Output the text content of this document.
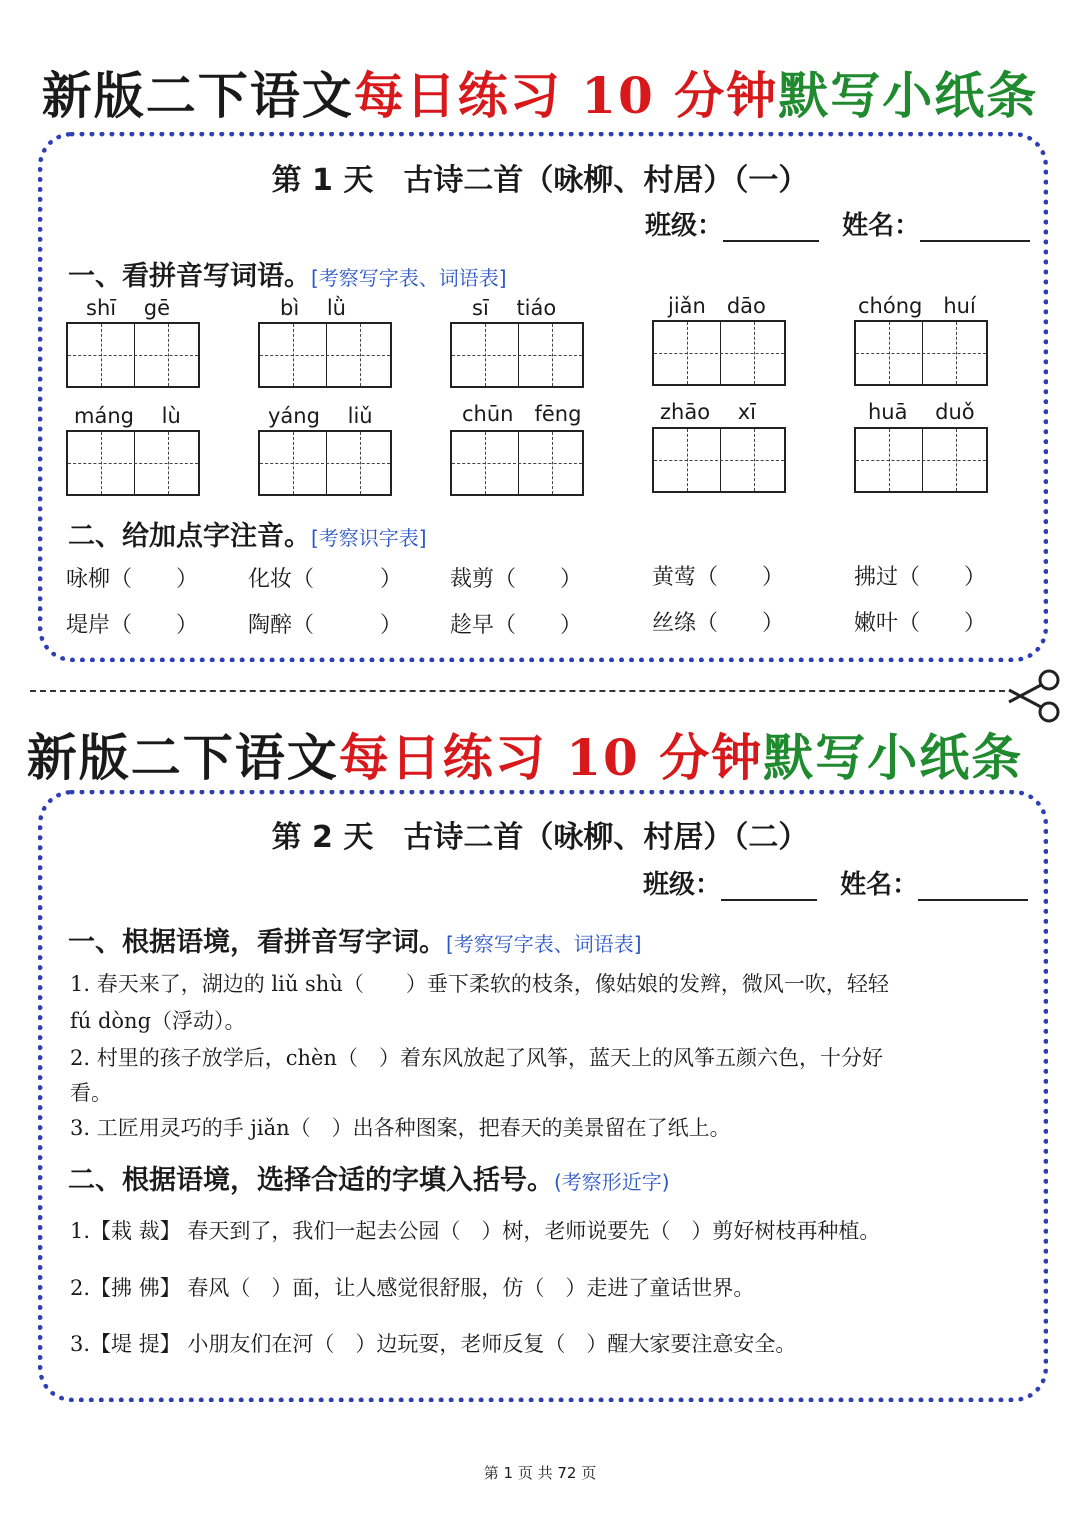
新版二下语文每日练习 10 分钟默写小纸条
第 1 天　古诗二首（咏柳、村居）（一）
班级：	姓名：
一、看拼音写词语。[考察写字表、词语表]
shī　 gē	bì　 lǜ	sī　 tiáo	jiǎn　dāo	chóng　huí
máng　 lù	yáng　 liǔ	chūn　fēng	zhāo　 xī	huā　 duǒ
二、给加点字注音。[考察识字表]
咏柳（　　） 化妆（　　　） 裁剪（　　）	黄莺（　　）	拂过（　　）
堤岸（　　） 陶醉（　　　） 趁早（　　）	丝绦（　　）	嫩叶（　　）
新版二下语文每日练习 10 分钟默写小纸条
第 2 天　古诗二首（咏柳、村居）（二）
班级：	姓名：
一、根据语境，看拼音写字词。[考察写字表、词语表]
1. 春天来了，湖边的 liǔ shù（　　）垂下柔软的枝条，像姑娘的发辫，微风一吹，轻轻
fú dòng（浮动）。
2. 村里的孩子放学后，chèn（　）着东风放起了风筝，蓝天上的风筝五颜六色，十分好
看。
3. 工匠用灵巧的手 jiǎn（　）出各种图案，把春天的美景留在了纸上。
二、根据语境，选择合适的字填入括号。(考察形近字)
1.【栽 裁】 春天到了，我们一起去公园（　）树，老师说要先（　）剪好树枝再种植。
2.【拂 佛】 春风（　）面，让人感觉很舒服，仿（　）走进了童话世界。
3.【堤 提】 小朋友们在河（　）边玩耍，老师反复（　）醒大家要注意安全。
第 1 页 共 72 页
